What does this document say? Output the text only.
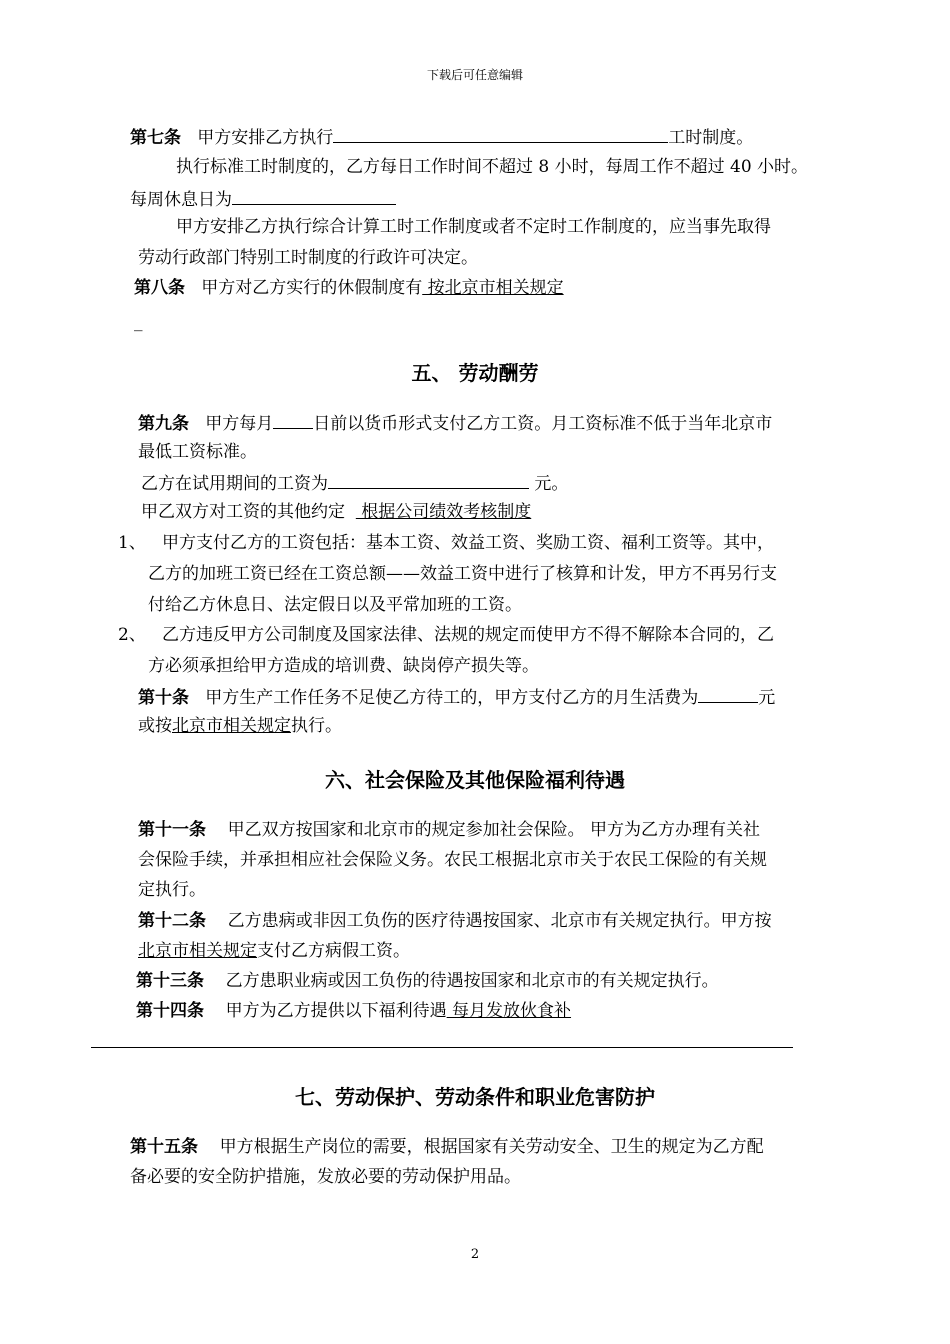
下载后可任意编辑
第七条 甲方安排乙方执行	工时制度。
执行标准工时制度的，乙方每日工作时间不超过 8 小时，每周工作不超过 40 小时。
每周休息日为
甲方安排乙方执行综合计算工时工作制度或者不定时工作制度的，应当事先取得
劳动行政部门特别工时制度的行政许可决定。
第八条 甲方对乙方实行的休假制度有 按北京市相关规定
_
五、 劳动酬劳
第九条 甲方每月 日前以货币形式支付乙方工资。月工资标准不低于当年北京市
最低工资标准。
乙方在试用期间的工资为	元。
甲乙双方对工资的其他约定   根据公司绩效考核制度
1、 甲方支付乙方的工资包括：基本工资、效益工资、奖励工资、福利工资等。其中，
乙方的加班工资已经在工资总额——效益工资中进行了核算和计发，甲方不再另行支
付给乙方休息日、法定假日以及平常加班的工资。
2、 乙方违反甲方公司制度及国家法律、法规的规定而使甲方不得不解除本合同的，乙
方必须承担给甲方造成的培训费、缺岗停产损失等。
第十条 甲方生产工作任务不足使乙方待工的，甲方支付乙方的月生活费为	元
或按北京市相关规定执行。
六、社会保险及其他保险福利待遇
第十一条 甲乙双方按国家和北京市的规定参加社会保险。 甲方为乙方办理有关社
会保险手续，并承担相应社会保险义务。农民工根据北京市关于农民工保险的有关规
定执行。
第十二条 乙方患病或非因工负伤的医疗待遇按国家、北京市有关规定执行。甲方按
北京市相关规定支付乙方病假工资。
第十三条 乙方患职业病或因工负伤的待遇按国家和北京市的有关规定执行。
第十四条 甲方为乙方提供以下福利待遇 每月发放伙食补
七、劳动保护、劳动条件和职业危害防护
第十五条 甲方根据生产岗位的需要，根据国家有关劳动安全、卫生的规定为乙方配
备必要的安全防护措施，发放必要的劳动保护用品。
2
